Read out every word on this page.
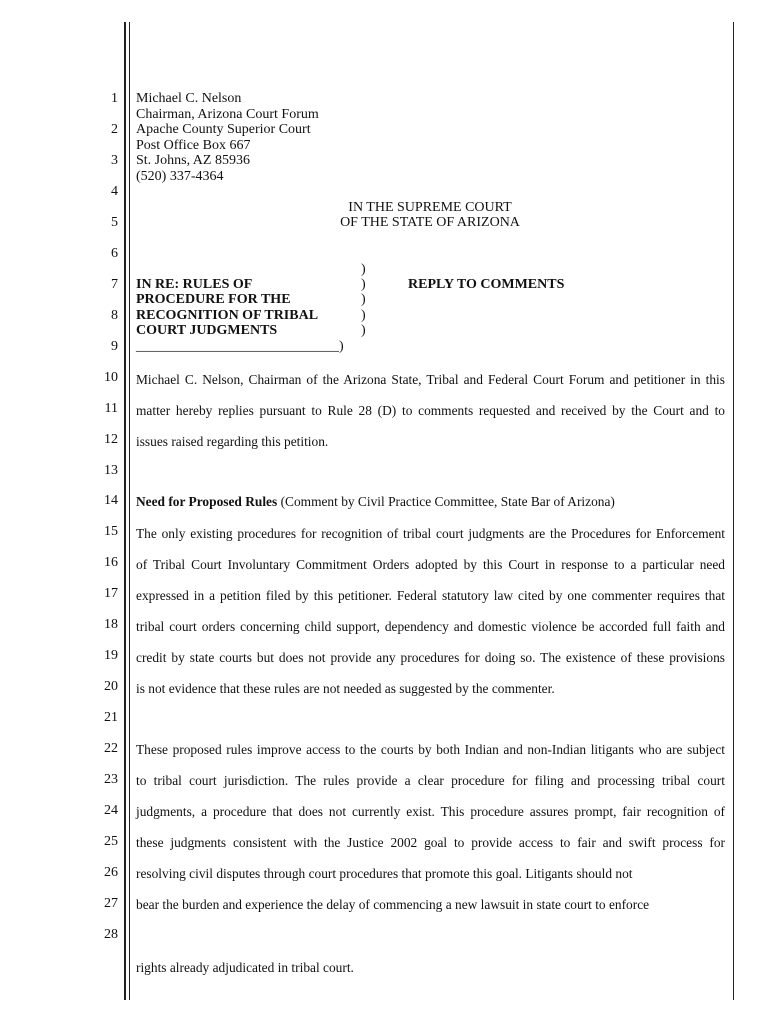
1
2
3
4
5
6
7
8
9
10
11
12
13
14
15
16
17
18
19
20
21
22
23
24
25
26
27
28
Michael C. Nelson
Chairman, Arizona Court Forum
Apache County Superior Court
Post Office Box 667
St. Johns, AZ 85936
(520) 337-4364
IN THE SUPREME COURT
OF THE STATE OF ARIZONA
IN RE: RULES OF
PROCEDURE FOR THE
RECOGNITION OF TRIBAL
COURT JUDGMENTS
)
)
)
)
)
_____________________________)
REPLY TO COMMENTS
Michael C. Nelson, Chairman of the Arizona State, Tribal and Federal Court Forum and petitioner in this
matter hereby replies pursuant to Rule 28 (D) to comments requested and received by the Court and to
issues raised regarding this petition.
Need for Proposed Rules (Comment by Civil Practice Committee, State Bar of Arizona)
The only existing procedures for recognition of tribal court judgments are the Procedures for Enforcement
of Tribal Court Involuntary Commitment Orders adopted by this Court in response to a particular need
expressed in a petition filed by this petitioner. Federal statutory law cited by one commenter requires that
tribal court orders concerning child support, dependency and domestic violence be accorded full faith and
credit by state courts but does not provide any procedures for doing so. The existence of these provisions
is not evidence that these rules are not needed as suggested by the commenter.
These proposed rules improve access to the courts by both Indian and non-Indian litigants who are subject
to tribal court jurisdiction. The rules provide a clear procedure for filing and processing tribal court
judgments, a procedure that does not currently exist. This procedure assures prompt, fair recognition of
these judgments consistent with the Justice 2002 goal to provide access to fair and swift process for
resolving civil disputes through court procedures that promote this goal. Litigants should not
bear the burden and experience the delay of commencing a new lawsuit in state court to enforce
rights already adjudicated in tribal court.
